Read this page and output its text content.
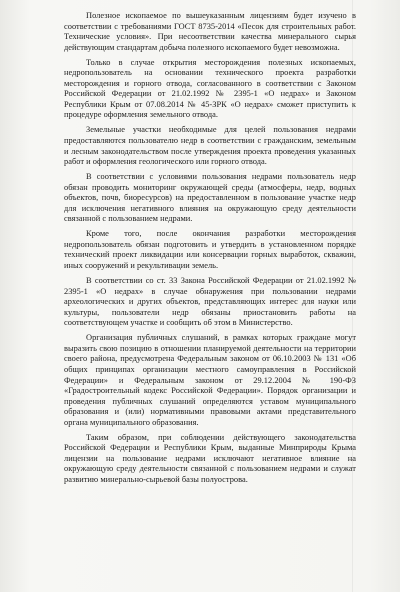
Полезное ископаемое по вышеуказанным лицензиям будет изучено в соответствии с требованиями ГОСТ 8735-2014 «Песок для строительных работ. Технические условия». При несоответствии качества минерального сырья действующим стандартам добыча полезного ископаемого будет невозможна.

Только в случае открытия месторождения полезных ископаемых, недропользователь на основании технического проекта разработки месторождения и горного отвода, согласованного в соответствии с Законом Российской Федерации от 21.02.1992 № 2395-1 «О недрах» и Законом Республики Крым от 07.08.2014 № 45-ЗРК «О недрах» сможет приступить к процедуре оформления земельного отвода.

Земельные участки необходимые для целей пользования недрами предоставляются пользователю недр в соответствии с гражданским, земельным и лесным законодательством после утверждения проекта проведения указанных работ и оформления геологического или горного отвода.

В соответствии с условиями пользования недрами пользователь недр обязан проводить мониторинг окружающей среды (атмосферы, недр, водных объектов, почв, биоресурсов) на предоставленном в пользование участке недр для исключения негативного влияния на окружающую среду деятельности связанной с пользованием недрами.

Кроме того, после окончания разработки месторождения недропользователь обязан подготовить и утвердить в установленном порядке технический проект ликвидации или консервации горных выработок, скважин, иных сооружений и рекультивации земель.

В соответствии со ст. 33 Закона Российской Федерации от 21.02.1992 № 2395-1 «О недрах» в случае обнаружения при пользовании недрами археологических и других объектов, представляющих интерес для науки или культуры, пользователи недр обязаны приостановить работы на соответствующем участке и сообщить об этом в Министерство.

Организация публичных слушаний, в рамках которых граждане могут выразить свою позицию в отношении планируемой деятельности на территории своего района, предусмотрена Федеральным законом от 06.10.2003 № 131 «Об общих принципах организации местного самоуправления в Российской Федерации» и Федеральным законом от 29.12.2004 № 190-ФЗ «Градостроительный кодекс Российской Федерации». Порядок организации и проведения публичных слушаний определяются уставом муниципального образования и (или) нормативными правовыми актами представительного органа муниципального образования.

Таким образом, при соблюдении действующего законодательства Российской Федерации и Республики Крым, выданные Минприроды Крыма лицензии на пользование недрами исключают негативное влияние на окружающую среду деятельности связанной с пользованием недрами и служат развитию минерально-сырьевой базы полуострова.
